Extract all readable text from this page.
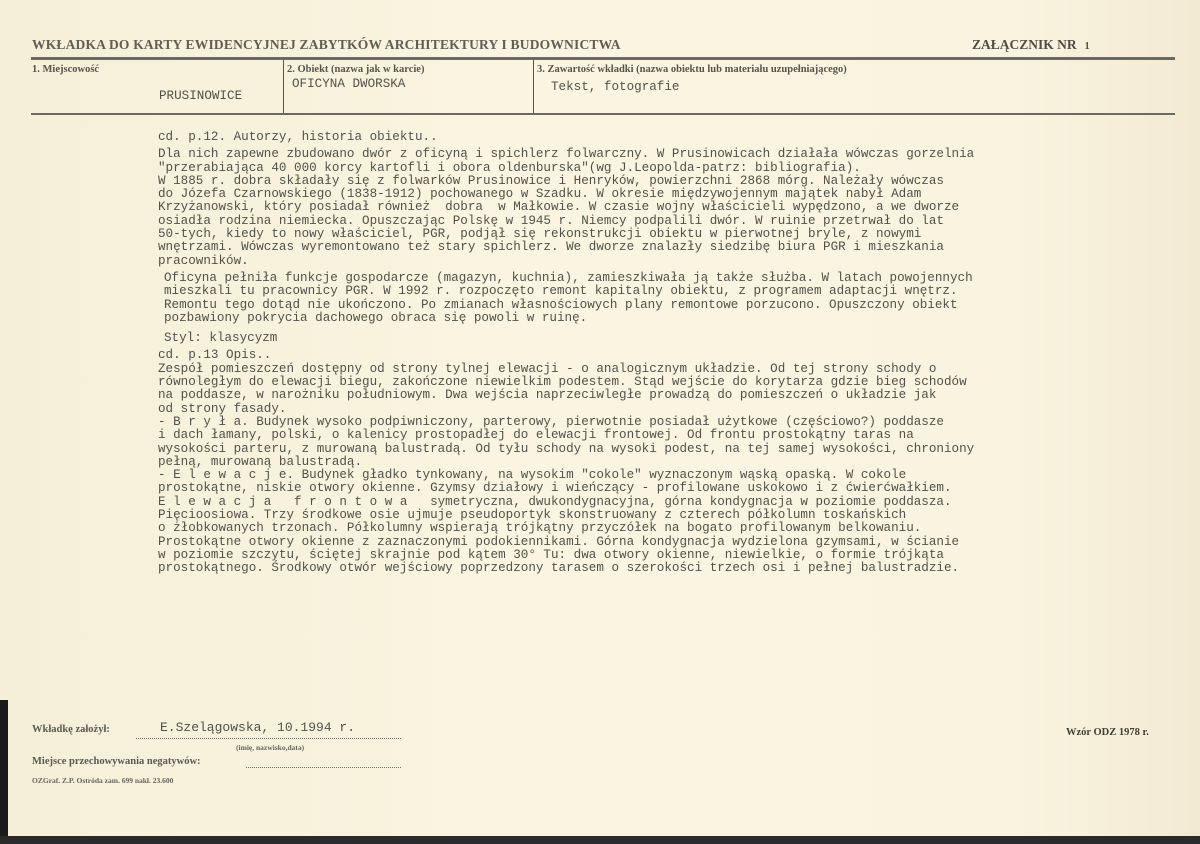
WKŁADKA DO KARTY EWIDENCYJNEJ ZABYTKÓW ARCHITEKTURY I BUDOWNICTWA	ZAŁĄCZNIK NR 1
1. Miejscowość
PRUSINOWICE
2. Obiekt (nazwa jak w karcie)
OFICYNA DWORSKA
3. Zawartość wkładki (nazwa obiektu lub materiału uzupełniającego)
Tekst, fotografie
cd. p.12. Autorzy, historia obiektu..
Dla nich zapewne zbudowano dwór z oficyną i spichlerz folwarczny. W Prusinowicach działała wówczas gorzelnia
"przerabiająca 40 000 korcy kartofli i obora oldenburska"(wg J.Leopolda-patrz: bibliografia).
W 1885 r. dobra składały się z folwarków Prusinowice i Henryków, powierzchni 2868 mórg. Należały wówczas
do Józefa Czarnowskiego (1838-1912) pochowanego w Szadku. W okresie międzywojennym majątek nabył Adam
Krzyżanowski, który posiadał również  dobra  w Małkowie. W czasie wojny właścicieli wypędzono, a we dworze
osiadła rodzina niemiecka. Opuszczając Polskę w 1945 r. Niemcy podpalili dwór. W ruinie przetrwał do lat
50-tych, kiedy to nowy właściciel, PGR, podjął się rekonstrukcji obiektu w pierwotnej bryle, z nowymi
wnętrzami. Wówczas wyremontowano też stary spichlerz. We dworze znalazły siedzibę biura PGR i mieszkania
pracowników.
Oficyna pełniła funkcje gospodarcze (magazyn, kuchnia), zamieszkiwała ją także służba. W latach powojennych
mieszkali tu pracownicy PGR. W 1992 r. rozpoczęto remont kapitalny obiektu, z programem adaptacji wnętrz.
Remontu tego dotąd nie ukończono. Po zmianach własnościowych plany remontowe porzucono. Opuszczony obiekt
pozbawiony pokrycia dachowego obraca się powoli w ruinę.
Styl: klasycyzm
cd. p.13 Opis..
Zespół pomieszczeń dostępny od strony tylnej elewacji - o analogicznym układzie. Od tej strony schody o
równoległym do elewacji biegu, zakończone niewielkim podestem. Stąd wejście do korytarza gdzie bieg schodów
na poddasze, w narożniku południowym. Dwa wejścia naprzeciwległe prowadzą do pomieszczeń o układzie jak
od strony fasady.
- B r y ł a. Budynek wysoko podpiwniczony, parterowy, pierwotnie posiadał użytkowe (częściowo?) poddasze
i dach łamany, polski, o kalenicy prostopadłej do elewacji frontowej. Od frontu prostokątny taras na
wysokości parteru, z murowaną balustradą. Od tyłu schody na wysoki podest, na tej samej wysokości, chroniony
pełną, murowaną balustradą.
- E l e w a c j e. Budynek gładko tynkowany, na wysokim "cokole" wyznaczonym wąską opaską. W cokole
prostokątne, niskie otwory okienne. Gzymsy działowy i wieńczący - profilowane uskokowo i z ćwierćwałkiem.
E l e w a c j a   f r o n t o w a   symetryczna, dwukondygnacyjna, górna kondygnacja w poziomie poddasza.
Pięcioosiowa. Trzy środkowe osie ujmuje pseudoportyk skonstruowany z czterech półkolumn toskańskich
o żłobkowanych trzonach. Półkolumny wspierają trójkątny przyczółek na bogato profilowanym belkowaniu.
Prostokątne otwory okienne z zaznaczonymi podokiennikami. Górna kondygnacja wydzielona gzymsami, w ścianie
w poziomie szczytu, ściętej skrajnie pod kątem 30° Tu: dwa otwory okienne, niewielkie, o formie trójkąta
prostokątnego. Środkowy otwór wejściowy poprzedzony tarasem o szerokości trzech osi i pełnej balustradzie.
Wkładkę założył:	E.Szelągowska, 10.1994 r.
(imię, nazwisko,data)
Miejsce przechowywania negatywów:
OZGraf. Z.P. Ostróda zam. 699 nakł. 23.600
Wzór ODZ 1978 r.
